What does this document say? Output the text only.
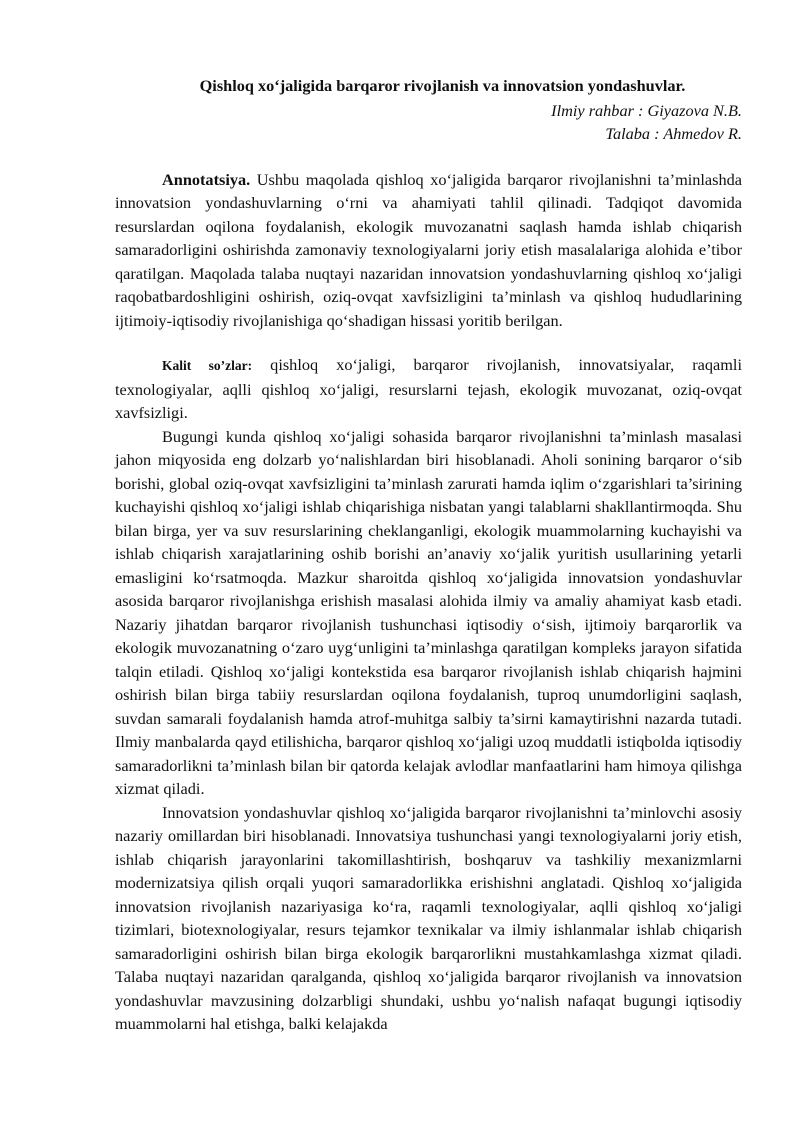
Qishloq xo‘jaligida barqaror rivojlanish va innovatsion yondashuvlar.

Ilmiy rahbar : Giyazova N.B.

Talaba : Ahmedov R.

Annotatsiya. Ushbu maqolada qishloq xo‘jaligida barqaror rivojlanishni ta’minlashda innovatsion yondashuvlarning o‘rni va ahamiyati tahlil qilinadi. Tadqiqot davomida resurslardan oqilona foydalanish, ekologik muvozanatni saqlash hamda ishlab chiqarish samaradorligini oshirishda zamonaviy texnologiyalarni joriy etish masalalariga alohida e’tibor qaratilgan. Maqolada talaba nuqtayi nazaridan innovatsion yondashuvlarning qishloq xo‘jaligi raqobatbardoshligini oshirish, oziq-ovqat xavfsizligini ta’minlash va qishloq hududlarining ijtimoiy-iqtisodiy rivojlanishiga qo‘shadigan hissasi yoritib berilgan.

Kalit so’zlar: qishloq xo‘jaligi, barqaror rivojlanish, innovatsiyalar, raqamli texnologiyalar, aqlli qishloq xo‘jaligi, resurslarni tejash, ekologik muvozanat, oziq-ovqat xavfsizligi.

Bugungi kunda qishloq xo‘jaligi sohasida barqaror rivojlanishni ta’minlash masalasi jahon miqyosida eng dolzarb yo‘nalishlardan biri hisoblanadi. Aholi sonining barqaror o‘sib borishi, global oziq-ovqat xavfsizligini ta’minlash zarurati hamda iqlim o‘zgarishlari ta’sirining kuchayishi qishloq xo‘jaligi ishlab chiqarishiga nisbatan yangi talablarni shakllantirmoqda. Shu bilan birga, yer va suv resurslarining cheklanganligi, ekologik muammolarning kuchayishi va ishlab chiqarish xarajatlarining oshib borishi an’anaviy xo‘jalik yuritish usullarining yetarli emasligini ko‘rsatmoqda. Mazkur sharoitda qishloq xo‘jaligida innovatsion yondashuvlar asosida barqaror rivojlanishga erishish masalasi alohida ilmiy va amaliy ahamiyat kasb etadi. Nazariy jihatdan barqaror rivojlanish tushunchasi iqtisodiy o‘sish, ijtimoiy barqarorlik va ekologik muvozanatning o‘zaro uyg‘unligini ta’minlashga qaratilgan kompleks jarayon sifatida talqin etiladi. Qishloq xo‘jaligi kontekstida esa barqaror rivojlanish ishlab chiqarish hajmini oshirish bilan birga tabiiy resurslardan oqilona foydalanish, tuproq unumdorligini saqlash, suvdan samarali foydalanish hamda atrof-muhitga salbiy ta’sirni kamaytirishni nazarda tutadi. Ilmiy manbalarda qayd etilishicha, barqaror qishloq xo‘jaligi uzoq muddatli istiqbolda iqtisodiy samaradorlikni ta’minlash bilan bir qatorda kelajak avlodlar manfaatlarini ham himoya qilishga xizmat qiladi.

Innovatsion yondashuvlar qishloq xo‘jaligida barqaror rivojlanishni ta’minlovchi asosiy nazariy omillardan biri hisoblanadi. Innovatsiya tushunchasi yangi texnologiyalarni joriy etish, ishlab chiqarish jarayonlarini takomillashtirish, boshqaruv va tashkiliy mexanizmlarni modernizatsiya qilish orqali yuqori samaradorlikka erishishni anglatadi. Qishloq xo‘jaligida innovatsion rivojlanish nazariyasiga ko‘ra, raqamli texnologiyalar, aqlli qishloq xo‘jaligi tizimlari, biotexnologiyalar, resurs tejamkor texnikalar va ilmiy ishlanmalar ishlab chiqarish samaradorligini oshirish bilan birga ekologik barqarorlikni mustahkamlashga xizmat qiladi. Talaba nuqtayi nazaridan qaralganda, qishloq xo‘jaligida barqaror rivojlanish va innovatsion yondashuvlar mavzusining dolzarbligi shundaki, ushbu yo‘nalish nafaqat bugungi iqtisodiy muammolarni hal etishga, balki kelajakda
